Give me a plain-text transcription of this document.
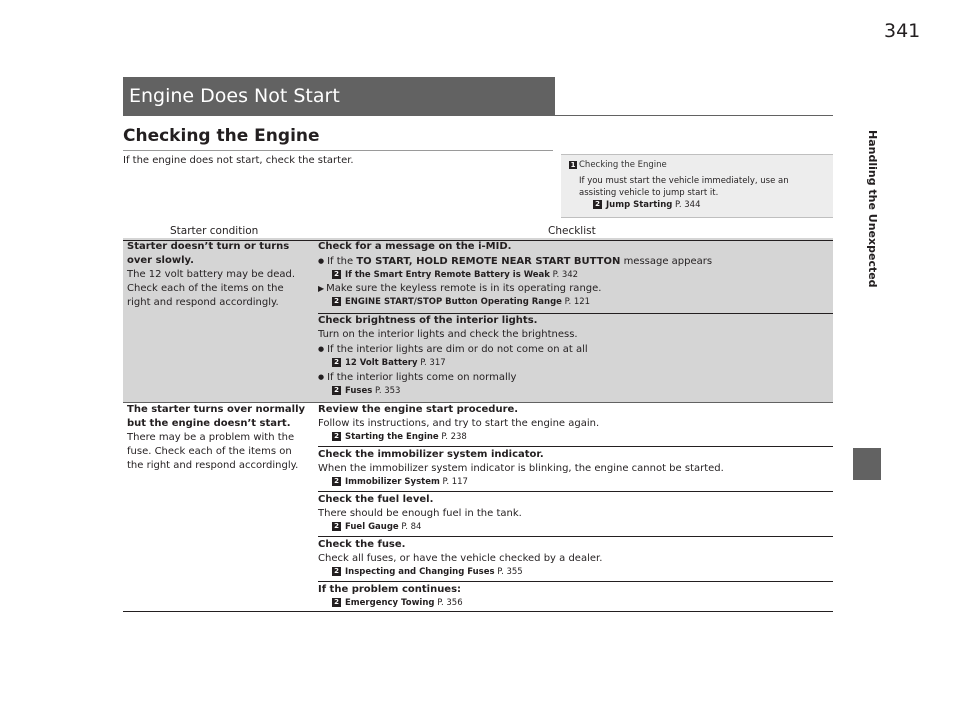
Engine Does Not Start
Checking the Engine
If the engine does not start, check the starter.	1 Checking the Engine
If you must start the vehicle immediately, use an assisting vehicle to jump start it.
2 Jump Starting P. 344
Starter condition	Checklist
Starter doesn’t turn or turns over slowly.
The 12 volt battery may be dead. Check each of the items on the right and respond accordingly.
Check for a message on the i-MID.
● If the TO START, HOLD REMOTE NEAR START BUTTON message appears
2 If the Smart Entry Remote Battery is Weak P. 342
▶ Make sure the keyless remote is in its operating range.
2 ENGINE START/STOP Button Operating Range P. 121
Check brightness of the interior lights.
Turn on the interior lights and check the brightness.
● If the interior lights are dim or do not come on at all
2 12 Volt Battery P. 317
● If the interior lights come on normally
2 Fuses P. 353
The starter turns over normally but the engine doesn’t start.
There may be a problem with the fuse. Check each of the items on the right and respond accordingly.
Review the engine start procedure.
Follow its instructions, and try to start the engine again.
2 Starting the Engine P. 238
Check the immobilizer system indicator.
When the immobilizer system indicator is blinking, the engine cannot be started.
2 Immobilizer System P. 117
Check the fuel level.
There should be enough fuel in the tank.
2 Fuel Gauge P. 84
Check the fuse.
Check all fuses, or have the vehicle checked by a dealer.
2 Inspecting and Changing Fuses P. 355
If the problem continues:
2 Emergency Towing P. 356
341
Handling the Unexpected
